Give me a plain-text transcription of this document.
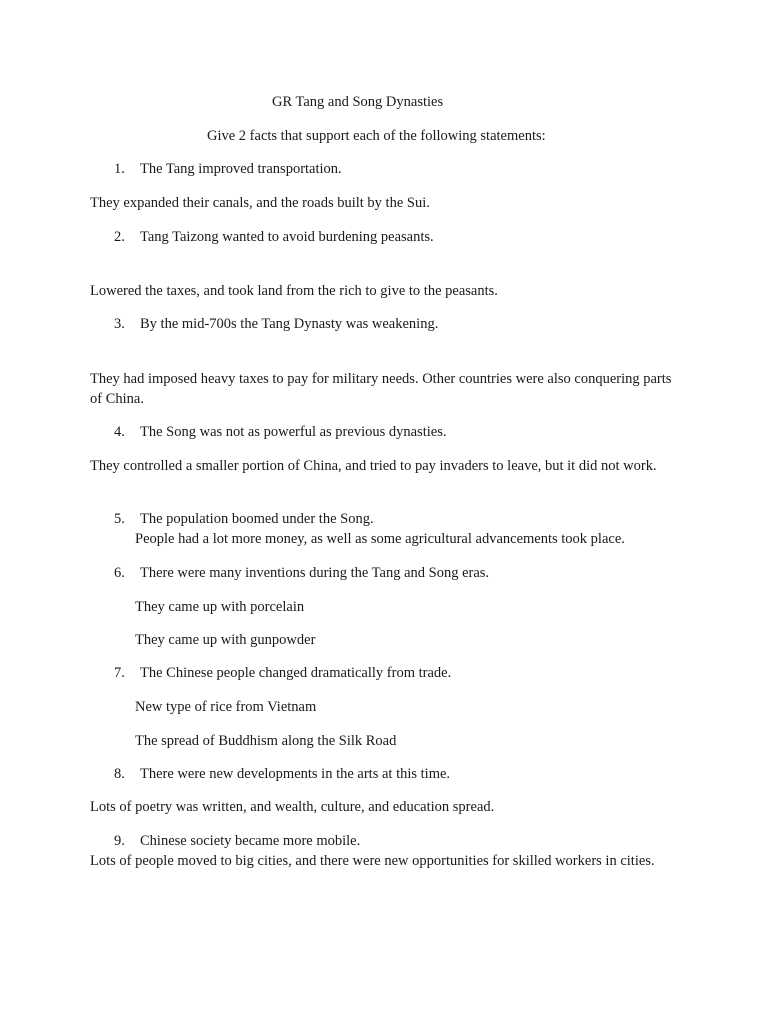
GR Tang and Song Dynasties
Give 2 facts that support each of the following statements:
1. The Tang improved transportation.
They expanded their canals, and the roads built by the Sui.
2. Tang Taizong wanted to avoid burdening peasants.
Lowered the taxes, and took land from the rich to give to the peasants.
3. By the mid-700s the Tang Dynasty was weakening.
They had imposed heavy taxes to pay for military needs. Other countries were also conquering parts of China.
4. The Song was not as powerful as previous dynasties.
They controlled a smaller portion of China, and tried to pay invaders to leave, but it did not work.
5. The population boomed under the Song.
People had a lot more money, as well as some agricultural advancements took place.
6. There were many inventions during the Tang and Song eras.
They came up with porcelain
They came up with gunpowder
7. The Chinese people changed dramatically from trade.
New type of rice from Vietnam
The spread of Buddhism along the Silk Road
8. There were new developments in the arts at this time.
Lots of poetry was written, and wealth, culture, and education spread.
9. Chinese society became more mobile.
Lots of people moved to big cities, and there were new opportunities for skilled workers in cities.
